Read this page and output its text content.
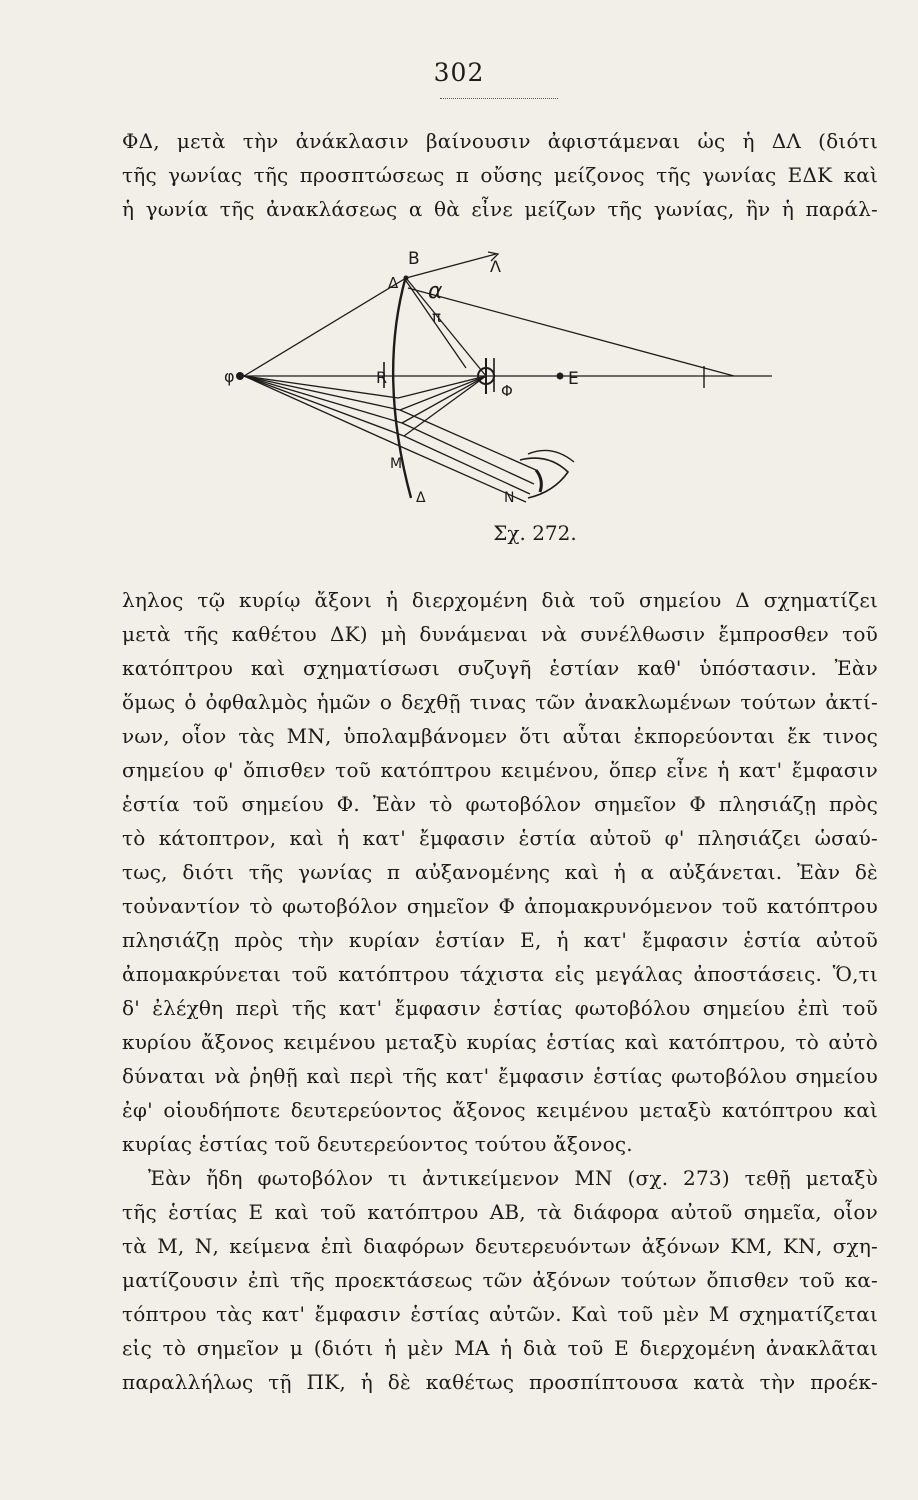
302
ΦΔ, μετὰ τὴν ἀνάκλασιν βαίνουσιν ἀφιστάμεναι ὡς ἡ ΔΛ (διότι
τῆς γωνίας τῆς προσπτώσεως π οὔσης μείζονος τῆς γωνίας ΕΔΚ καὶ
ἡ γωνία τῆς ἀνακλάσεως α θὰ εἶνε μείζων τῆς γωνίας, ἣν ἡ παράλ-
B	Λ
Δ α
π
φ	R
Φ
E
M
Δ	N
Σχ. 272.
ληλος τῷ κυρίῳ ἄξονι ἡ διερχομένη διὰ τοῦ σημείου Δ σχηματίζει
μετὰ τῆς καθέτου ΔΚ) μὴ δυνάμεναι νὰ συνέλθωσιν ἔμπροσθεν τοῦ
κατόπτρου καὶ σχηματίσωσι συζυγῆ ἑστίαν καθ' ὑπόστασιν. Ἐὰν
ὅμως ὁ ὀφθαλμὸς ἡμῶν ο δεχθῇ τινας τῶν ἀνακλωμένων τούτων ἀκτί-
νων, οἷον τὰς ΜΝ, ὑπολαμβάνομεν ὅτι αὗται ἐκπορεύονται ἔκ τινος
σημείου φ' ὄπισθεν τοῦ κατόπτρου κειμένου, ὅπερ εἶνε ἡ κατ' ἔμφασιν
ἑστία τοῦ σημείου Φ. Ἐὰν τὸ φωτοβόλον σημεῖον Φ πλησιάζῃ πρὸς
τὸ κάτοπτρον, καὶ ἡ κατ' ἔμφασιν ἑστία αὐτοῦ φ' πλησιάζει ὡσαύ-
τως, διότι τῆς γωνίας π αὐξανομένης καὶ ἡ α αὐξάνεται. Ἐὰν δὲ
τοὐναντίον τὸ φωτοβόλον σημεῖον Φ ἀπομακρυνόμενον τοῦ κατόπτρου
πλησιάζῃ πρὸς τὴν κυρίαν ἑστίαν Ε, ἡ κατ' ἔμφασιν ἑστία αὐτοῦ
ἀπομακρύνεται τοῦ κατόπτρου τάχιστα εἰς μεγάλας ἀποστάσεις. Ὅ,τι
δ' ἐλέχθη περὶ τῆς κατ' ἔμφασιν ἑστίας φωτοβόλου σημείου ἐπὶ τοῦ
κυρίου ἄξονος κειμένου μεταξὺ κυρίας ἑστίας καὶ κατόπτρου, τὸ αὐτὸ
δύναται νὰ ῥηθῇ καὶ περὶ τῆς κατ' ἔμφασιν ἑστίας φωτοβόλου σημείου
ἐφ' οἱουδήποτε δευτερεύοντος ἄξονος κειμένου μεταξὺ κατόπτρου καὶ
κυρίας ἑστίας τοῦ δευτερεύοντος τούτου ἄξονος.
Ἐὰν ἤδη φωτοβόλον τι ἀντικείμενον ΜΝ (σχ. 273) τεθῇ μεταξὺ
τῆς ἑστίας Ε καὶ τοῦ κατόπτρου ΑΒ, τὰ διάφορα αὐτοῦ σημεῖα, οἷον
τὰ Μ, Ν, κείμενα ἐπὶ διαφόρων δευτερευόντων ἀξόνων ΚΜ, ΚΝ, σχη-
ματίζουσιν ἐπὶ τῆς προεκτάσεως τῶν ἀξόνων τούτων ὄπισθεν τοῦ κα-
τόπτρου τὰς κατ' ἔμφασιν ἑστίας αὐτῶν. Καὶ τοῦ μὲν Μ σχηματίζεται
εἰς τὸ σημεῖον μ (διότι ἡ μὲν ΜΑ ἡ διὰ τοῦ Ε διερχομένη ἀνακλᾶται
παραλλήλως τῇ ΠΚ, ἡ δὲ καθέτως προσπίπτουσα κατὰ τὴν προέκ-
